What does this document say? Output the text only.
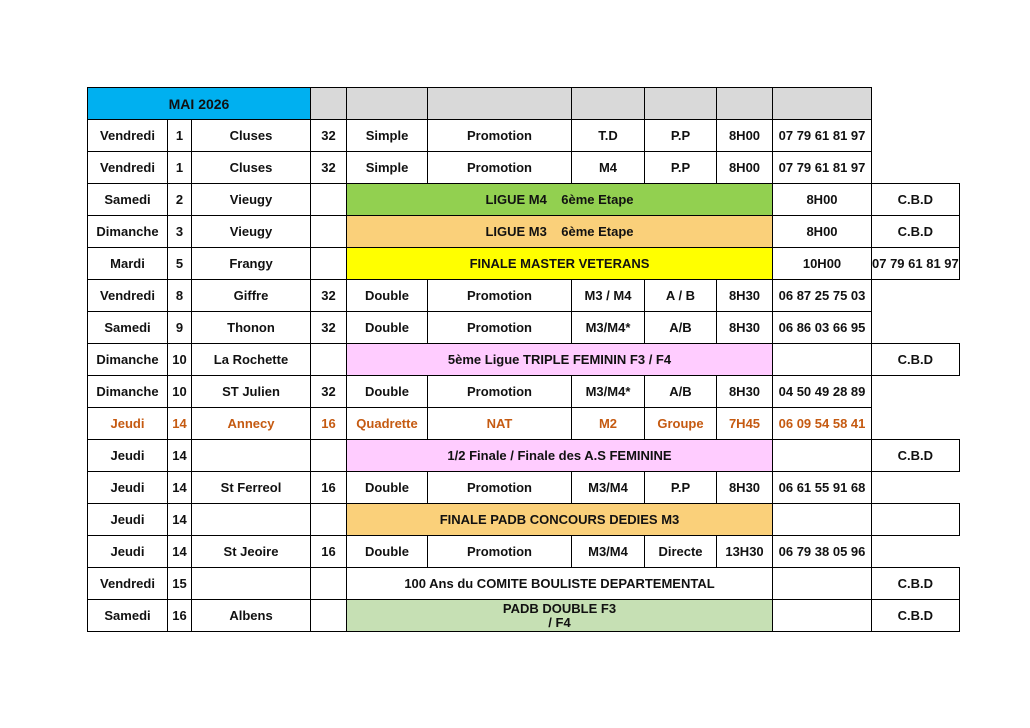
MAI 2026										
Vendredi	1	Cluses	32	Simple	Promotion	T.D	P.P	8H00	07 79 61 81 97	
Vendredi	1	Cluses	32	Simple	Promotion	M4	P.P	8H00	07 79 61 81 97	
Samedi	2	Vieugy		LIGUE M4    6ème Etape					8H00	C.B.D
Dimanche	3	Vieugy		LIGUE M3    6ème Etape					8H00	C.B.D
Mardi	5	Frangy		FINALE MASTER VETERANS					10H00	07 79 61 81 97
Vendredi	8	Giffre	32	Double	Promotion	M3 / M4	A / B	8H30	06 87 25 75 03	
Samedi	9	Thonon	32	Double	Promotion	M3/M4*	A/B	8H30	06 86 03 66 95	
Dimanche	10	La Rochette		5ème Ligue TRIPLE FEMININ F3 / F4						C.B.D
Dimanche	10	ST Julien	32	Double	Promotion	M3/M4*	A/B	8H30	04 50 49 28 89	
Jeudi	14	Annecy	16	Quadrette	NAT	M2	Groupe	7H45	06 09 54 58 41	
Jeudi	14			1/2 Finale / Finale des A.S FEMININE						C.B.D
Jeudi	14	St Ferreol	16	Double	Promotion	M3/M4	P.P	8H30	06 61 55 91 68	
Jeudi	14			FINALE PADB CONCOURS DEDIES M3						
Jeudi	14	St Jeoire	16	Double	Promotion	M3/M4	Directe	13H30	06 79 38 05 96	
Vendredi	15			100 Ans du COMITE BOULISTE DEPARTEMENTAL						C.B.D
Samedi	16	Albens		PADB DOUBLE F3 / F4						C.B.D
